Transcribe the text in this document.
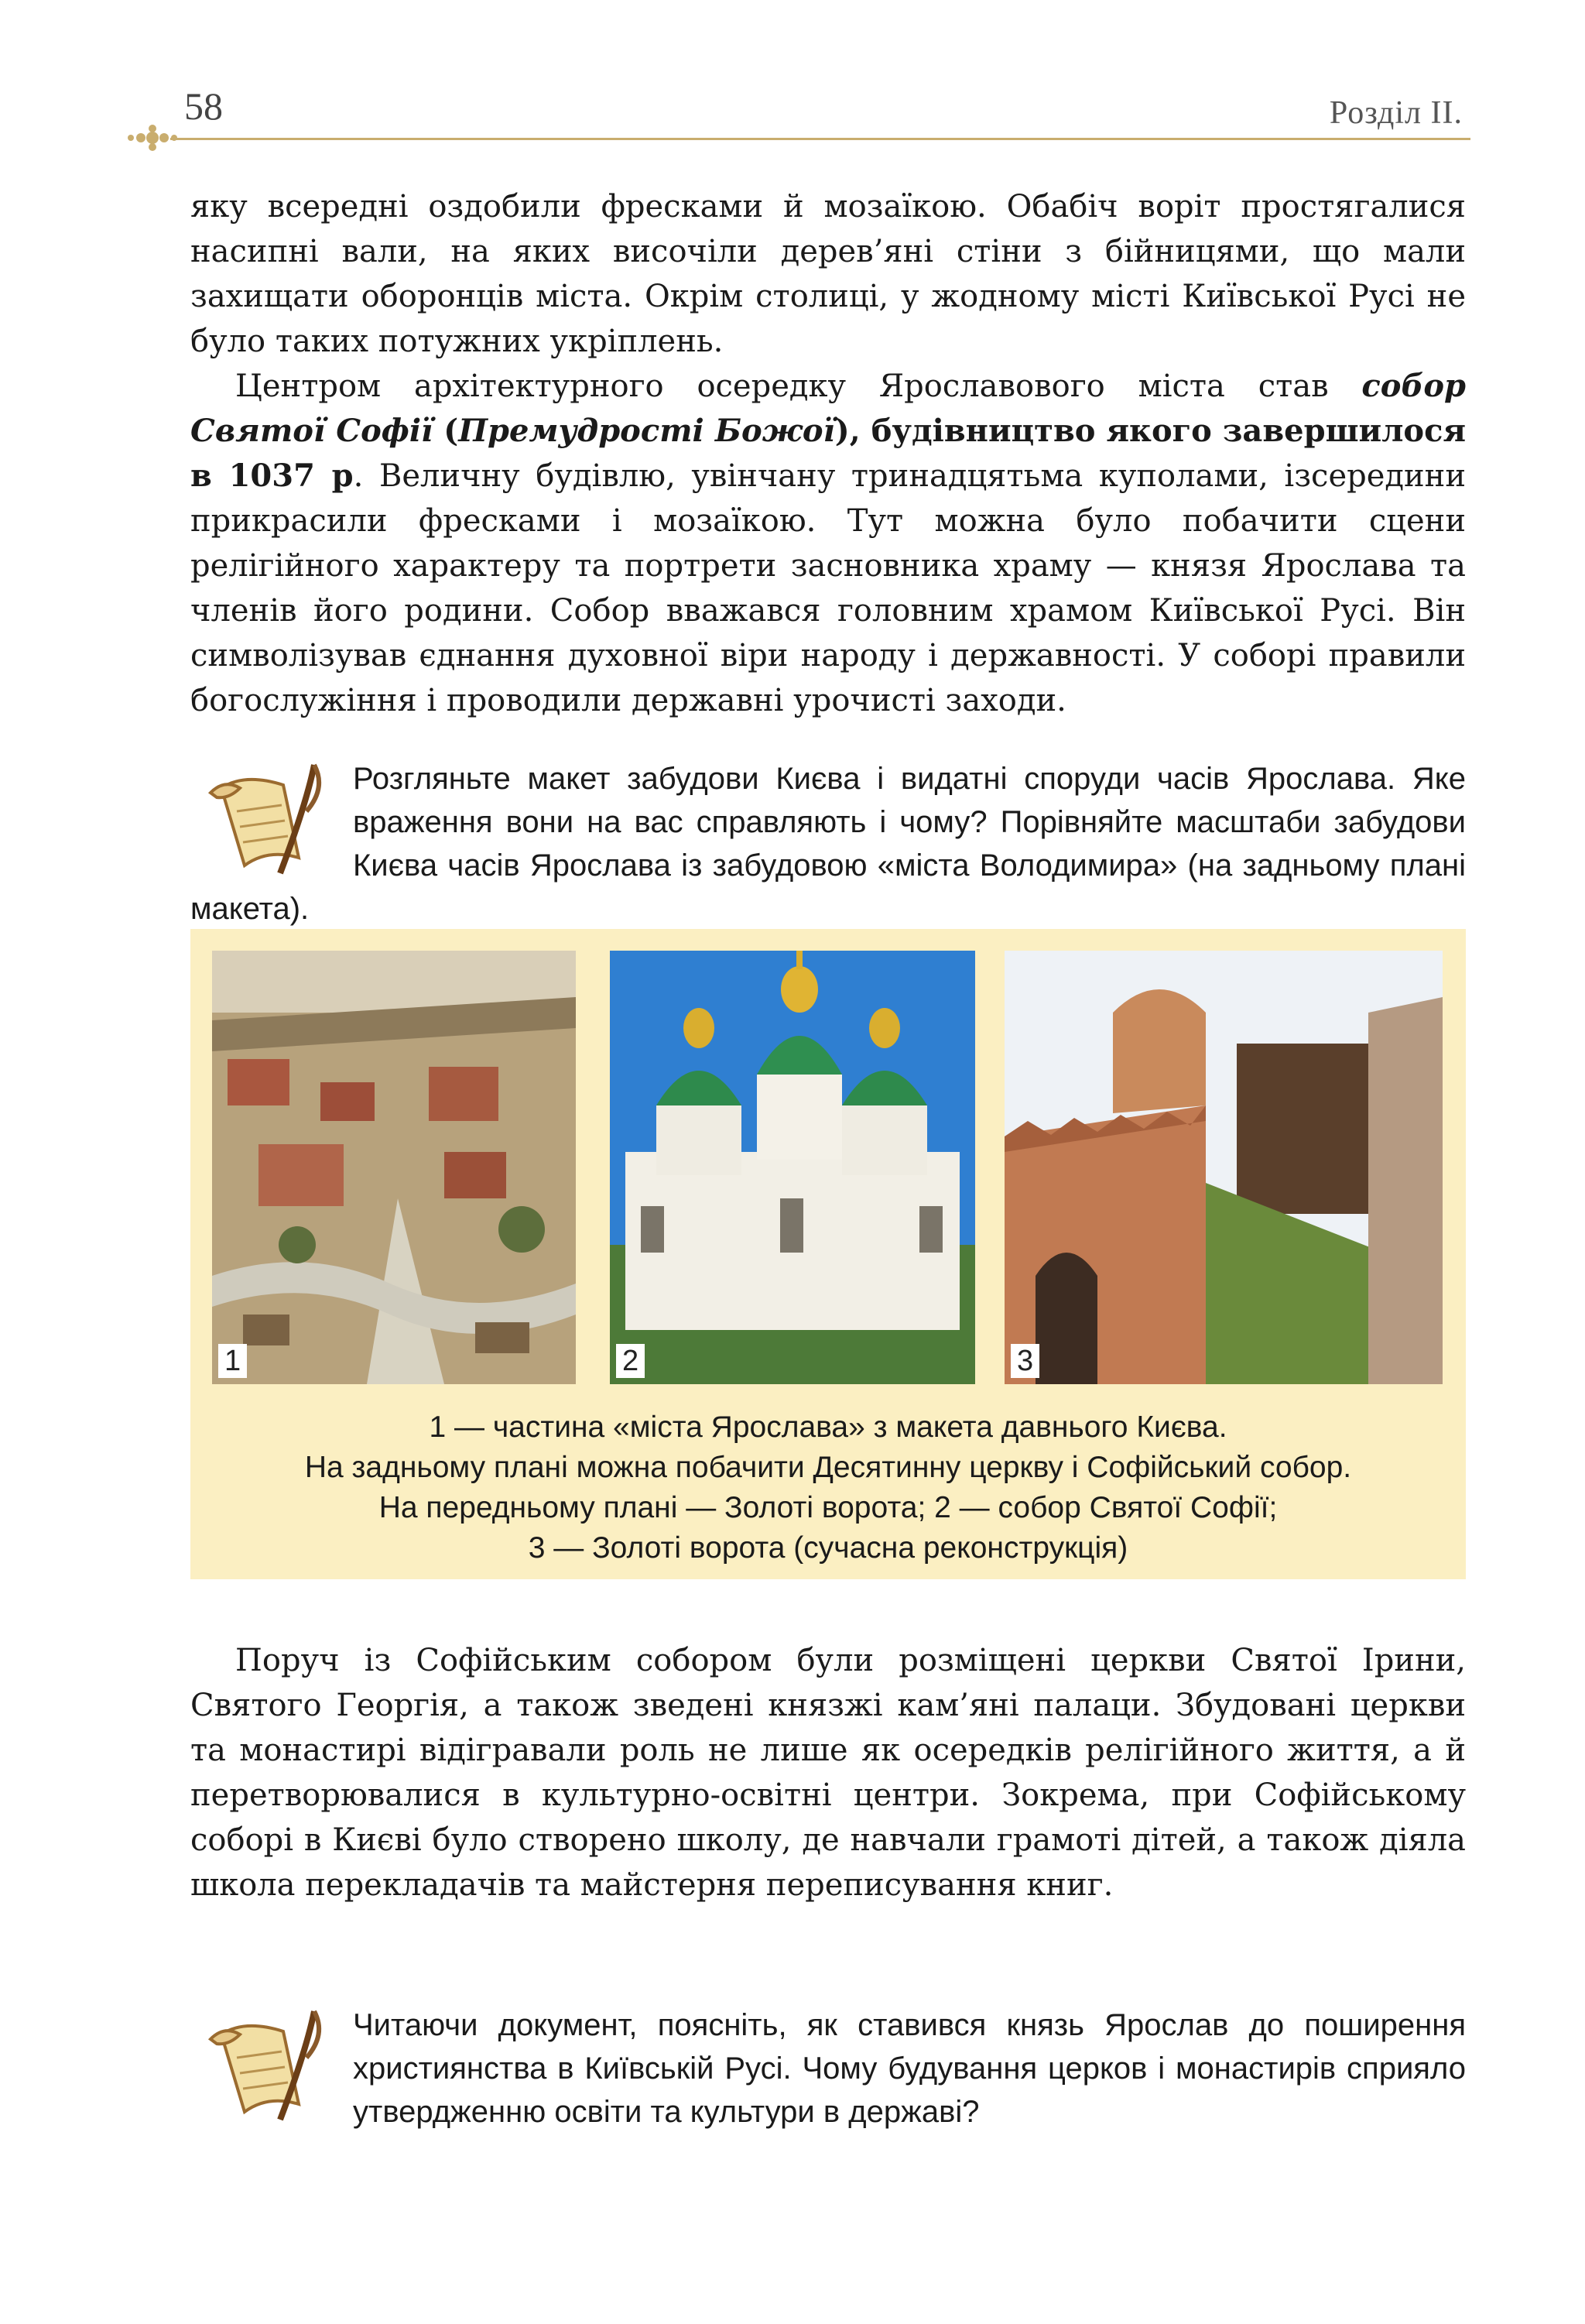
58	Розділ ІІ.

яку всередні оздобили фресками й мозаїкою. Обабіч воріт простягалися насипні вали, на яких височіли дерев’яні стіни з бійницями, що мали захищати оборонців міста. Окрім столиці, у жодному місті Київської Русі не було таких потужних укріплень.

Центром архітектурного осередку Ярославового міста став собор Святої Софії (Премудрості Божої), будівництво якого завершилося в 1037 р. Величну будівлю, увінчану тринадцятьма куполами, ізсередини прикрасили фресками і мозаїкою. Тут можна було побачити сцени релігійного характеру та портрети засновника храму — князя Ярослава та членів його родини. Собор вважався головним храмом Київської Русі. Він символізував єднання духовної віри народу і державності. У соборі правили богослужіння і проводили державні урочисті заходи.

Розгляньте макет забудови Києва і видатні споруди часів Ярослава. Яке враження вони на вас справляють і чому? Порівняйте масштаби забудови Києва часів Ярослава із забудовою «міста Володимира» (на задньому плані макета).
1	2	3
1 — частина «міста Ярослава» з макета давнього Києва.
На задньому плані можна побачити Десятинну церкву і Софійський собор.
На передньому плані — Золоті ворота; 2 — собор Святої Софії;
3 — Золоті ворота (сучасна реконструкція)

Поруч із Софійським собором були розміщені церкви Святої Ірини, Святого Георгія, а також зведені князжі кам’яні палаци. Збудовані церкви та монастирі відігравали роль не лише як осередків релігійного життя, а й перетворювалися в культурно-освітні центри. Зокрема, при Софійському соборі в Києві було створено школу, де навчали грамоті дітей, а також діяла школа перекладачів та майстерня переписування книг.

Читаючи документ, поясніть, як ставився князь Ярослав до поширення християнства в Київській Русі. Чому будування церков і монастирів сприяло утвердженню освіти та культури в державі?
